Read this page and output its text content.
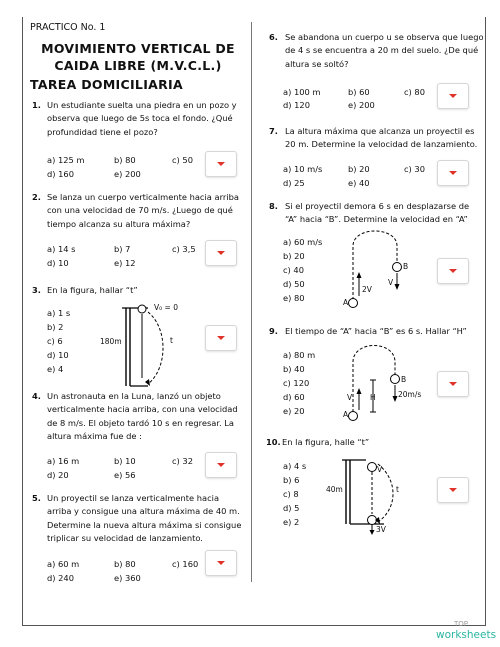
PRACTICO No. 1
MOVIMIENTO VERTICAL DE
CAIDA LIBRE (M.V.C.L.)
TAREA DOMICILIARIA
1. Un estudiante suelta una piedra en un pozo y
observa que luego de 5s toca el fondo. ¿Qué
profundidad tiene el pozo?
a) 125 m	b) 80	c) 50
d) 160	e) 200
2. Se lanza un cuerpo verticalmente hacia arriba
con una velocidad de 70 m/s. ¿Luego de qué
tiempo alcanza su altura máxima?
a) 14 s	b) 7	c) 3,5
d) 10	e) 12
3. En la figura, hallar “t”
a) 1 s
b) 2
c) 6
d) 10
e) 4
V₀ = 0
180m	t
4. Un astronauta en la Luna, lanzó un objeto
verticalmente hacia arriba, con una velocidad
de 8 m/s. El objeto tardó 10 s en regresar. La
altura máxima fue de :
a) 16 m	b) 10	c) 32
d) 20	e) 56
5. Un proyectil se lanza verticalmente hacia
arriba y consigue una altura máxima de 40 m.
Determine la nueva altura máxima si consigue
triplicar su velocidad de lanzamiento.
a) 60 m	b) 80	c) 160
d) 240	e) 360
6. Se abandona un cuerpo u se observa que luego
de 4 s se encuentra a 20 m del suelo. ¿De qué
altura se soltó?
a) 100 m	b) 60	c) 80
d) 120	e) 200
7. La altura máxima que alcanza un proyectil es
20 m. Determine la velocidad de lanzamiento.
a) 10 m/s	b) 20	c) 30
d) 25	e) 40
8. Si el proyectil demora 6 s en desplazarse de
“A” hacia “B”. Determine la velocidad en “A”
a) 60 m/s
b) 20
c) 40
d) 50
e) 80	A
B
2V
V
9. El tiempo de “A” hacia “B” es 6 s. Hallar “H”
a) 80 m
b) 40
c) 120
d) 60
e) 20	A
B
V H	20m/s
10. En la figura, halle “t”
a) 4 s
b) 6
c) 8
d) 5
e) 2
V
40m	t
3V
TOP
worksheets
